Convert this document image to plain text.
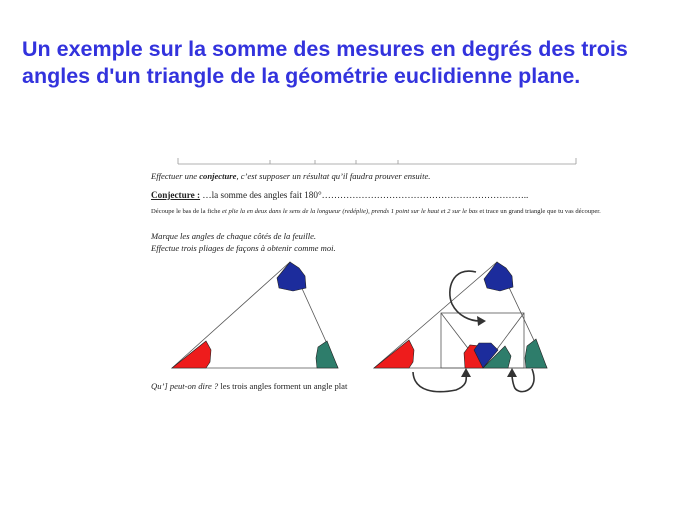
Un exemple sur la somme des mesures en degrés des trois
angles d'un triangle de la géométrie euclidienne plane.
Effectuer une conjecture, c’est supposer un résultat qu’il faudra prouver ensuite.
Conjecture : …la somme des angles fait 180°…………………………………………………………..
Découpe le bas de la fiche et plie la en deux dans le sens de la longueur (redéplie), prends 1 point sur le haut et 2 sur le bas et trace un grand triangle que tu vas découper.
Marque les angles de chaque côtés de la feuille.
Effectue trois pliages de façons à obtenir comme moi.
Qu’] peut-on dire ? les trois angles forment un angle plat
